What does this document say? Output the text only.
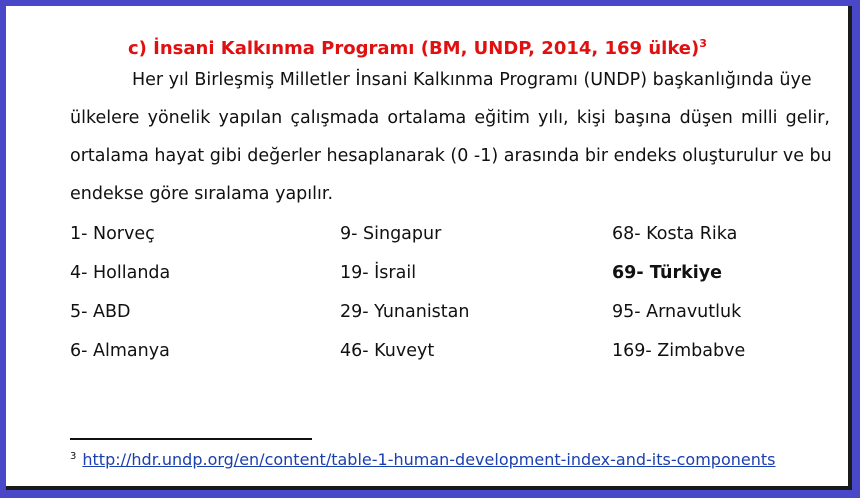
c) İnsani Kalkınma Programı (BM, UNDP, 2014, 169 ülke)$^3$
Her yıl Birleşmiş Milletler İnsani Kalkınma Programı (UNDP) başkanlığında üye
ülkelere yönelik yapılan çalışmada ortalama eğitim yılı, kişi başına düşen milli gelir,
ortalama hayat gibi değerler hesaplanarak (0 -1) arasında bir endeks oluşturulur ve bu
endekse göre sıralama yapılır.
1- Norveç
4- Hollanda
5- ABD
6- Almanya
9- Singapur
19- İsrail
29- Yunanistan
46- Kuveyt
68- Kosta Rika
69- Türkiye
95- Arnavutluk
169- Zimbabve
$^3$ http://hdr.undp.org/en/content/table-1-human-development-index-and-its-components
